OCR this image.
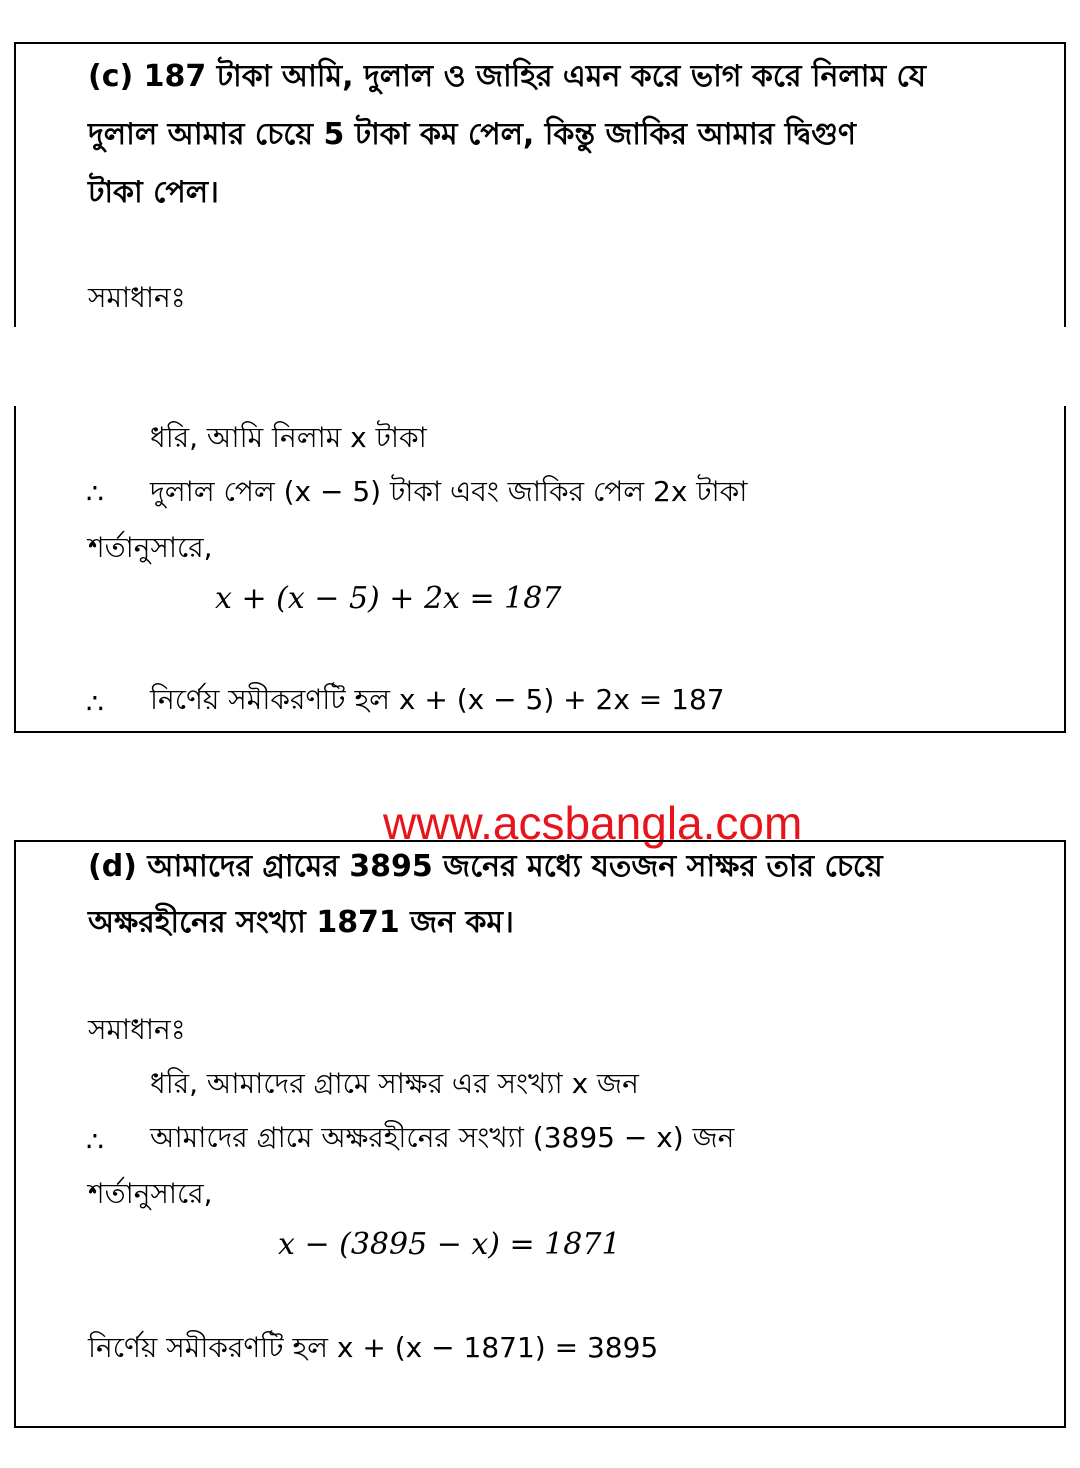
(c) 187 টাকা আমি, দুলাল ও জাহির এমন করে ভাগ করে নিলাম যে
দুলাল আমার চেয়ে 5 টাকা কম পেল, কিন্তু জাকির আমার দ্বিগুণ
টাকা পেল।
সমাধানঃ
ধরি, আমি নিলাম x টাকা
∴ দুলাল পেল (x − 5) টাকা এবং জাকির পেল 2x টাকা
শর্তানুসারে,
x + (x − 5) + 2x = 187
∴ নির্ণেয় সমীকরণটি হল x + (x − 5) + 2x = 187
www.acsbangla.com
(d) আমাদের গ্রামের 3895 জনের মধ্যে যতজন সাক্ষর তার চেয়ে
অক্ষরহীনের সংখ্যা 1871 জন কম।
সমাধানঃ
ধরি, আমাদের গ্রামে সাক্ষর এর সংখ্যা x জন
∴ আমাদের গ্রামে অক্ষরহীনের সংখ্যা (3895 − x) জন
শর্তানুসারে,
x − (3895 − x) = 1871
নির্ণেয় সমীকরণটি হল x + (x − 1871) = 3895
